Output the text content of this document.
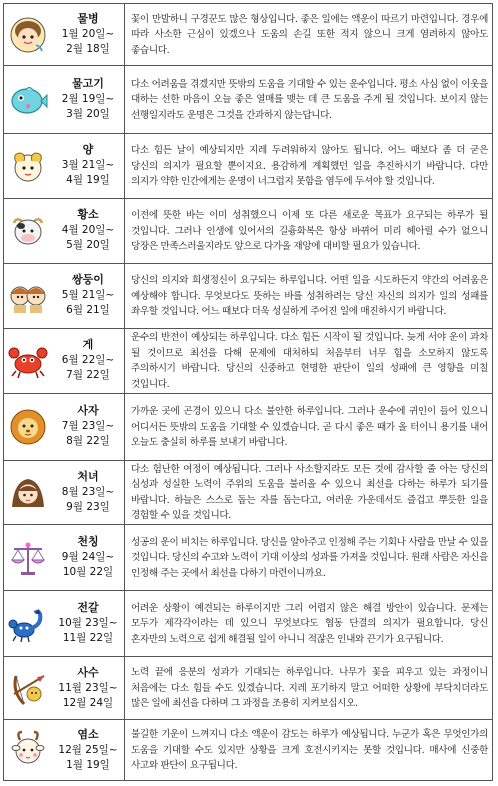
물병
1월 20일~
2월 18일
꽃이 만발하니 구경꾼도 많은 형상입니다. 좋은 일에는 액운이 따르기 마련입니다. 경우에 따라 사소한 근심이 있겠으나 도움의 손길 또한 적지 않으니 크게 염려하지 않아도 좋습니다.
물고기
2월 19일~
3월 20일
다소 어려움을 겪겠지만 뜻밖의 도움을 기대할 수 있는 운수입니다. 평소 사심 없이 이웃을 대하는 선한 마음이 오늘 좋은 열매를 맺는 데 큰 도움을 주게 될 것입니다. 보이지 않는 선행일지라도 운명은 그것을 간과하지 않는답니다.
양
3월 21일~
4월 19일
다소 힘든 날이 예상되지만 지레 두려워하지 않아도 됩니다. 어느 때보다 좀 더 굳은 당신의 의지가 필요할 뿐이지요. 용감하게 계획했던 일을 추진하시기 바랍니다. 다만 의지가 약한 인간에게는 운명이 너그럽지 못함을 염두에 두셔야 할 것입니다.
황소
4월 20일~
5월 20일
이전에 뜻한 바는 이미 성취했으니 이제 또 다른 새로운 목표가 요구되는 하루가 될 것입니다. 그러나 인생에 있어서의 길흉화복은 항상 바뀌어 미리 헤아릴 수가 없으니 당장은 만족스러울지라도 앞으로 다가올 재앙에 대비할 필요가 있습니다.
쌍둥이
5월 21일~
6월 21일
당신의 의지와 희생정신이 요구되는 하루입니다. 어떤 일을 시도하든지 약간의 어려움은 예상해야 합니다. 무엇보다도 뜻하는 바를 성취하려는 당신 자신의 의지가 일의 성패를 좌우할 것입니다. 어느 때보다 더욱 성실하게 주어진 일에 매진하시기 바랍니다.
게
6월 22일~
7월 22일
운수의 반전이 예상되는 하루입니다. 다소 힘든 시작이 될 것입니다. 늦게 서야 운이 과차 될 것이므로 최선을 다해 문제에 대처하되 처음부터 너무 힘을 소모하지 않도록 주의하시기 바랍니다. 당신의 신중하고 현명한 판단이 일의 성패에 큰 영향을 미칠 것입니다.
사자
7월 23일~
8월 22일
가까운 곳에 곤경이 있으니 다소 불안한 하루입니다. 그러나 운수에 귀인이 들어 있으니 어디서든 뜻밖의 도움을 기대할 수 있겠습니다. 곧 다시 좋은 때가 올 터이니 용기를 내어 오늘도 충실히 하루를 보내기 바랍니다.
처녀
8월 23일~
9월 23일
다소 험난한 여정이 예상됩니다. 그러나 사소할지라도 모든 것에 감사할 줄 아는 당신의 심성과 성실한 노력이 주위의 도움을 불러올 수 있으니 최선을 다하는 하루가 되기를 바랍니다. 하늘은 스스로 돕는 자를 돕는다고, 여러운 가운데서도 즐겁고 뿌듯한 일을 경험할 수 있을 것입니다.
천칭
9월 24일~
10월 22일
성공의 운이 비치는 하루입니다. 당신을 알아주고 인정해 주는 기회나 사람을 만날 수 있을 것입니다. 당신의 수고와 노력이 기대 이상의 성과를 가져올 것입니다. 원래 사람은 자신을 인정해 주는 곳에서 최선을 다하기 마련이니까요.
전갈
10월 23일~
11월 22일
어려운 상황이 예견되는 하루이지만 그리 어렵지 않은 해결 방안이 있습니다. 문제는 모두가 제각각이라는 데 있으니 무엇보다도 협동 단결의 의지가 필요합니다. 당신 혼자만의 노력으로 쉽게 해결될 일이 아니니 적잖은 인내와 끈기가 요구됩니다.
사수
11월 23일~
12월 24일
노력 끝에 응분의 성과가 기대되는 하루입니다. 나무가 꽃을 피우고 있는 과정이니 처음에는 다소 힘들 수도 있겠습니다. 지레 포기하지 말고 어떠한 상황에 부닥치더라도 많은 일에 최선을 다하며 그 과정을 조용히 지켜보십시오.
염소
12월 25일~
1월 19일
불길한 기운이 느껴지니 다소 액운이 감도는 하루가 예상됩니다. 누군가 혹은 무엇인가의 도움을 기대할 수도 있지만 상황을 크게 호전시키지는 못할 것입니다. 매사에 신중한 사고와 판단이 요구됩니다.
